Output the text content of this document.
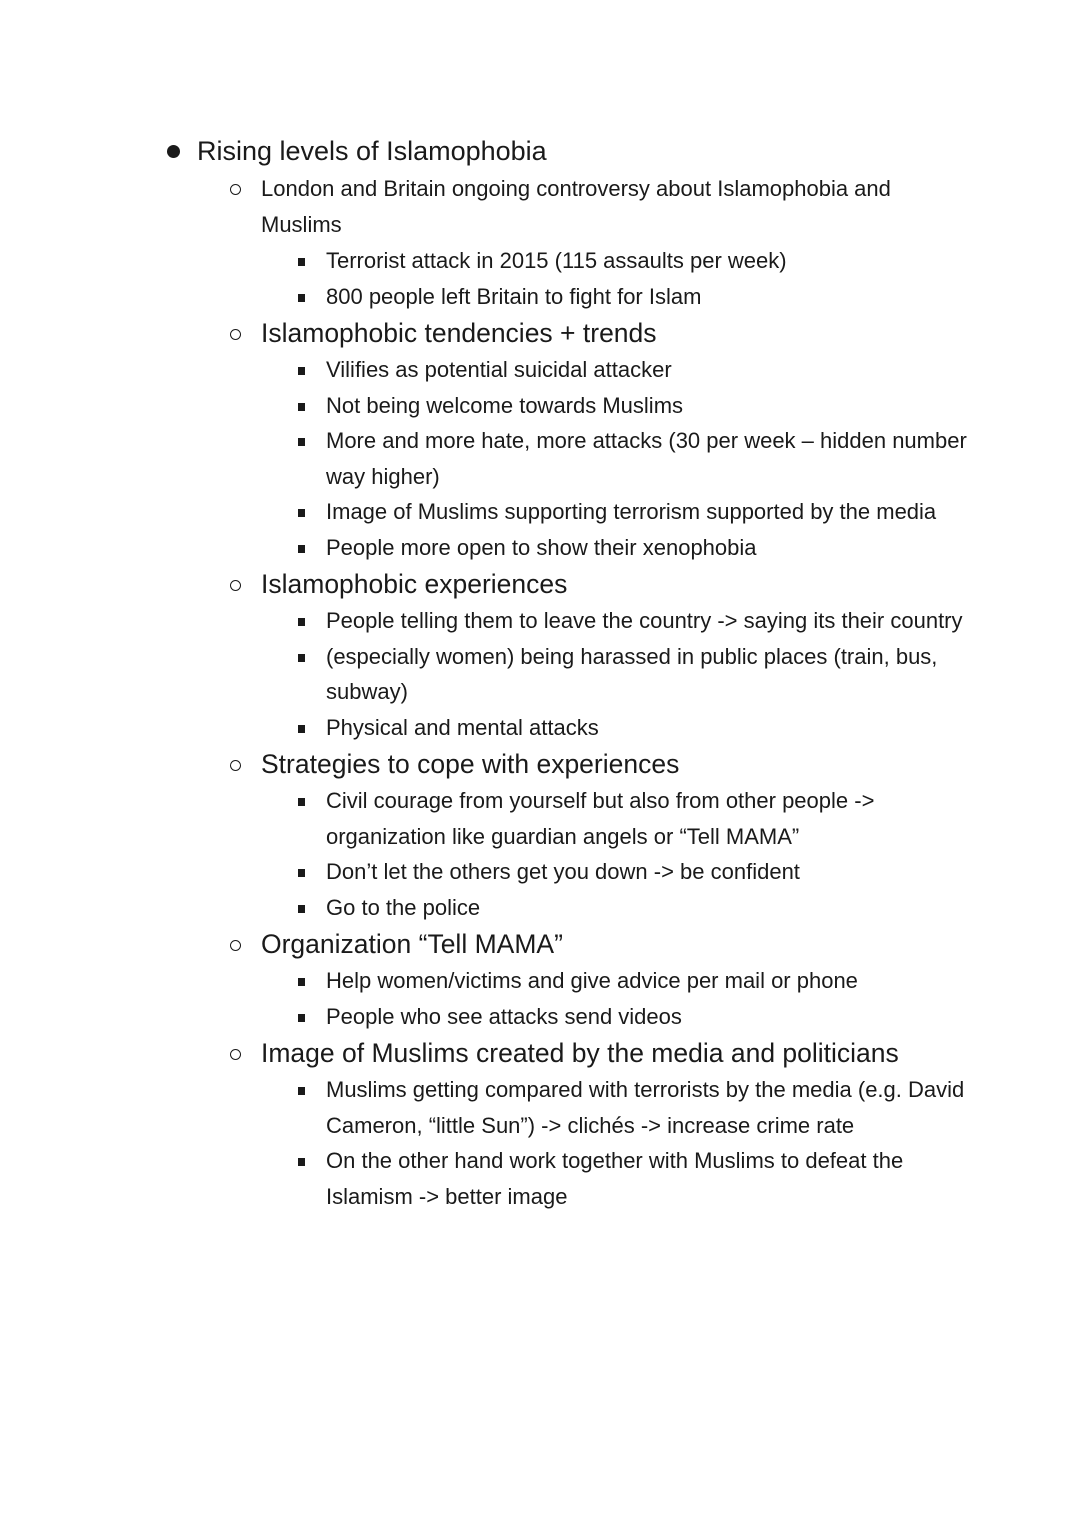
Rising levels of Islamophobia
London and Britain ongoing controversy about Islamophobia and Muslims
Terrorist attack in 2015 (115 assaults per week)
800 people left Britain to fight for Islam
Islamophobic tendencies + trends
Vilifies as potential suicidal attacker
Not being welcome towards Muslims
More and more hate, more attacks (30 per week – hidden number way higher)
Image of Muslims supporting terrorism supported by the media
People more open to show their xenophobia
Islamophobic experiences
People telling them to leave the country -> saying its their country
(especially women) being harassed in public places (train, bus, subway)
Physical and mental attacks
Strategies to cope with experiences
Civil courage from yourself but also from other people -> organization like guardian angels or “Tell MAMA”
Don’t let the others get you down -> be confident
Go to the police
Organization “Tell MAMA”
Help women/victims and give advice per mail or phone
People who see attacks send videos
Image of Muslims created by the media and politicians
Muslims getting compared with terrorists by the media (e.g. David Cameron, “little Sun”) -> clichés -> increase crime rate
On the other hand work together with Muslims to defeat the Islamism -> better image
